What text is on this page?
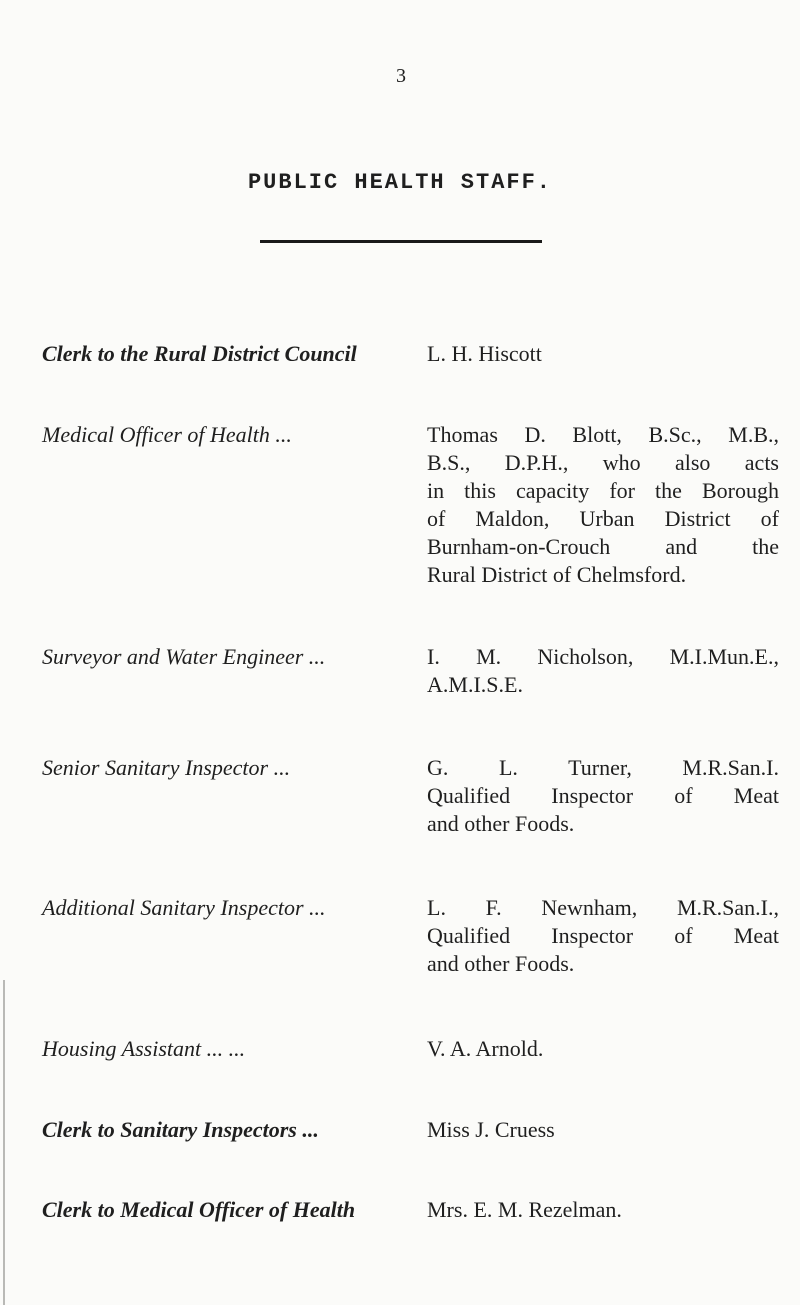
3
PUBLIC HEALTH STAFF.
Clerk to the Rural District Council	L. H. Hiscott
Medical Officer of Health ...	Thomas D. Blott, B.Sc., M.B.,
B.S., D.P.H., who also acts
in this capacity for the Borough
of Maldon, Urban District of
Burnham-on-Crouch and the
Rural District of Chelmsford.
Surveyor and Water Engineer ...	I. M. Nicholson, M.I.Mun.E.,
A.M.I.S.E.
Senior Sanitary Inspector ...	G. L. Turner, M.R.San.I.
Qualified Inspector of Meat
and other Foods.
Additional Sanitary Inspector ...	L. F. Newnham, M.R.San.I.,
Qualified Inspector of Meat
and other Foods.
Housing Assistant ... ...	V. A. Arnold.
Clerk to Sanitary Inspectors ...	Miss J. Cruess
Clerk to Medical Officer of Health	Mrs. E. M. Rezelman.
